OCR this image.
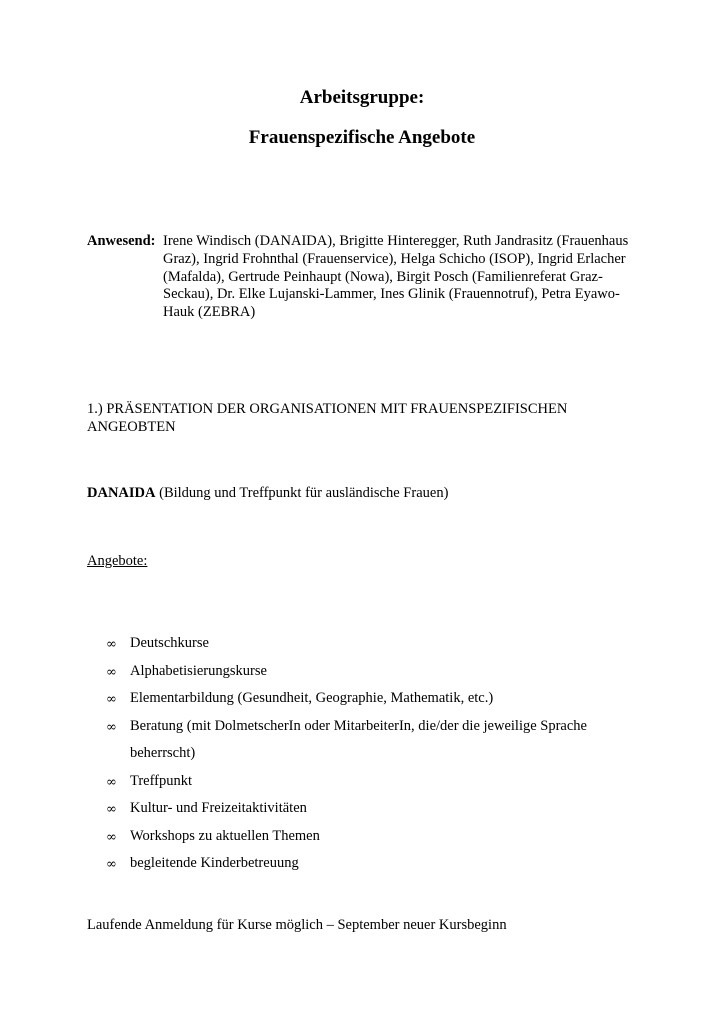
Arbeitsgruppe:
Frauenspezifische Angebote
Anwesend: Irene Windisch (DANAIDA), Brigitte Hinteregger, Ruth Jandrasitz (Frauenhaus
Graz), Ingrid Frohnthal (Frauenservice), Helga Schicho (ISOP), Ingrid Erlacher
(Mafalda), Gertrude Peinhaupt (Nowa), Birgit Posch (Familienreferat Graz-
Seckau), Dr. Elke Lujanski-Lammer, Ines Glinik (Frauennotruf), Petra Eyawo-
Hauk (ZEBRA)
1.) PRÄSENTATION DER ORGANISATIONEN MIT FRAUENSPEZIFISCHEN
ANGEOBTEN
DANAIDA (Bildung und Treffpunkt für ausländische Frauen)
Angebote:
∞ Deutschkurse
∞ Alphabetisierungskurse
∞ Elementarbildung (Gesundheit, Geographie, Mathematik, etc.)
∞ Beratung (mit DolmetscherIn oder MitarbeiterIn, die/der die jeweilige Sprache
beherrscht)
∞ Treffpunkt
∞ Kultur- und Freizeitaktivitäten
∞ Workshops zu aktuellen Themen
∞ begleitende Kinderbetreuung
Laufende Anmeldung für Kurse möglich – September neuer Kursbeginn
